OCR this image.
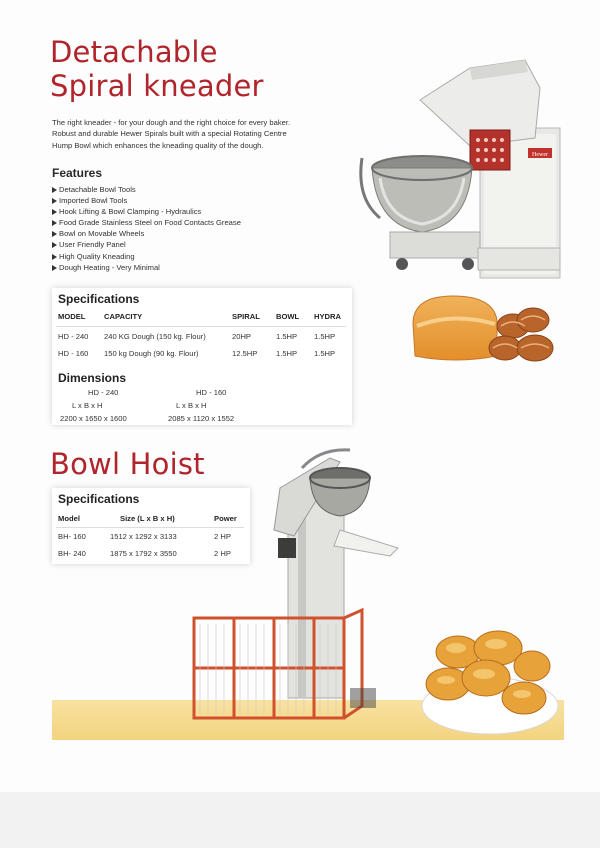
Detachable
Spiral kneader
The right kneader - for your dough and the right choice for every baker.
Robust and durable Hewer Spirals built with a special Rotating Centre
Hump Bowl which enhances the kneading quality of the dough.
Features
Detachable Bowl Tools
Imported Bowl Tools
Hook Lifting & Bowl Clamping - Hydraulics
Food Grade Stainless Steel on Food Contacts Grease
Bowl on Movable Wheels
User Friendly Panel
High Quality Kneading
Dough Heating - Very Minimal
Specifications
MODEL CAPACITY	SPIRAL BOWL HYDRA
HD - 240 240 KG Dough (150 kg. Flour)	20HP	1.5HP 1.5HP
HD - 160 150 kg Dough (90 kg. Flour)	12.5HP 1.5HP 1.5HP
Dimensions
HD - 240	HD - 160
L x B x H	L x B x H
2200 x 1650 x 1600	2085 x 1120 x 1552
Bowl Hoist
Specifications
Model	Size (L x B x H)	Power
BH- 160	1512 x 1292 x 3133	2 HP
BH- 240	1875 x 1792 x 3550	2 HP
Hewer
